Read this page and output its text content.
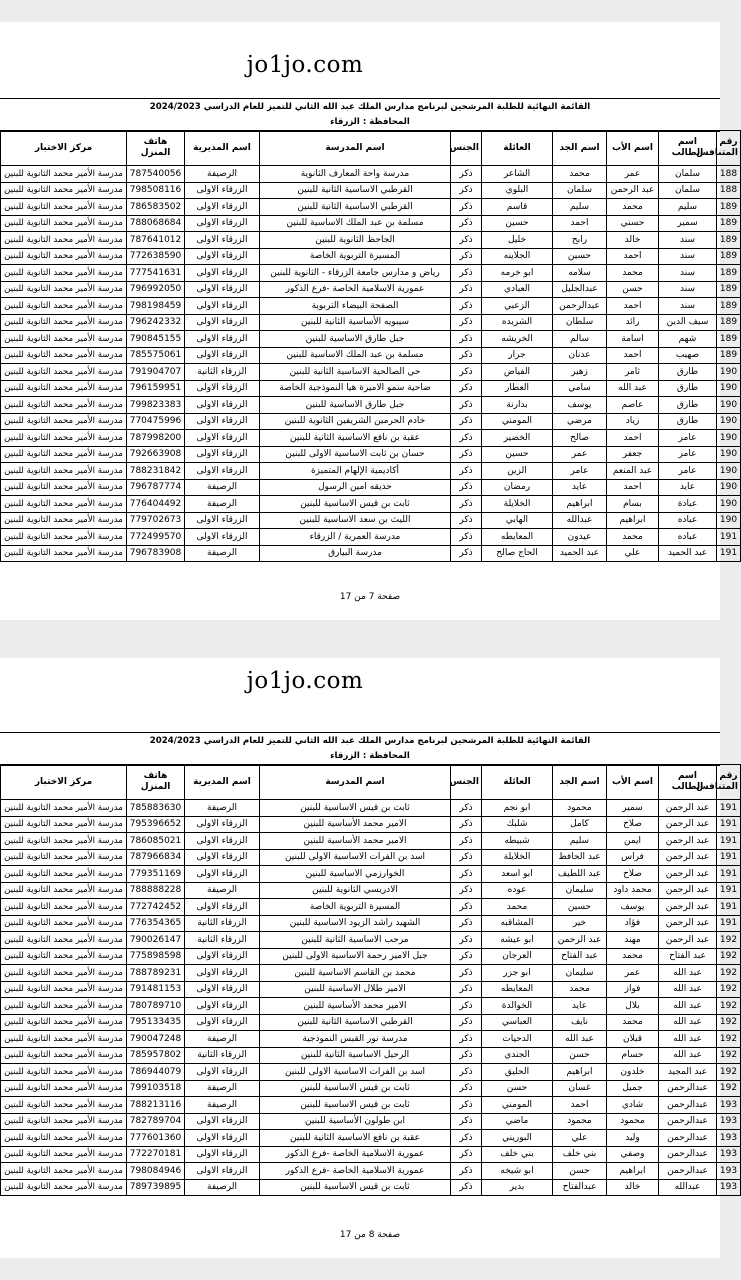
jo1jo.com
القائمة النهائية للطلبة المرشحين لبرنامج مدارس الملك عبد الله الثاني للتميز للعام الدراسي 2024/2023
المحافظة : الزرقاء
رقم المتنافس	اسم الطالب	اسم الأب	اسم الجد	العائلة	الجنس	اسم المدرسة	اسم المديرية	هاتف المنزل	مركز الاختبار
188	سلمان	عمر	محمد	الشاعر	ذكر	مدرسة واحة المعارف الثانوية	الرصيفة	787540056	مدرسة الأمير محمد الثانوية للبنين
188	سلمان	عبد الرحمن	سلمان	البلوي	ذكر	القرطبي الاساسية الثانية للبنين	الزرقاء الاولى	798508116	مدرسة الأمير محمد الثانوية للبنين
189	سليم	محمد	سليم	قاسم	ذكر	القرطبي الاساسية الثانية للبنين	الزرقاء الاولى	786583502	مدرسة الأمير محمد الثانوية للبنين
189	سمير	حسني	احمد	حسين	ذكر	مسلمة بن عبد الملك الاساسية للبنين	الزرقاء الاولى	788068684	مدرسة الأمير محمد الثانوية للبنين
189	سند	خالد	رابح	خليل	ذكر	الجاحظ الثانوية للبنين	الزرقاء الاولى	787641012	مدرسة الأمير محمد الثانوية للبنين
189	سند	احمد	حسين	الجلاينه	ذكر	المسيرة التربوية الخاصة	الزرقاء الاولى	772638590	مدرسة الأمير محمد الثانوية للبنين
189	سند	محمد	سلامه	ابو خرمه	ذكر	رياض و مدارس جامعة الزرقاء - الثانوية للبنين	الزرقاء الاولى	777541631	مدرسة الأمير محمد الثانوية للبنين
189	سند	حسن	عبدالجليل	العبادي	ذكر	عمورية الاسلامية الخاصة -فرع الذكور	الزرقاء الاولى	796992050	مدرسة الأمير محمد الثانوية للبنين
189	سند	احمد	عبدالرحمن	الزعبي	ذكر	الصفحة البيضاء التربوية	الزرقاء الاولى	798198459	مدرسة الأمير محمد الثانوية للبنين
189	سيف الدين	رائد	سلطان	الشريده	ذكر	سيبويه الأساسية الثانية للبنين	الزرقاء الاولى	796242332	مدرسة الأمير محمد الثانوية للبنين
189	شهم	اسامة	سالم	الخريشه	ذكر	جبل طارق الاساسية للبنين	الزرقاء الاولى	790845155	مدرسة الأمير محمد الثانوية للبنين
189	صهيب	احمد	عدنان	جرار	ذكر	مسلمة بن عبد الملك الاساسية للبنين	الزرقاء الاولى	785575061	مدرسة الأمير محمد الثانوية للبنين
190	طارق	ثامر	زهير	الفياض	ذكر	حي الصالحية الاساسية الثانية للبنين	الزرقاء الثانية	791904707	مدرسة الأمير محمد الثانوية للبنين
190	طارق	عبد الله	سامي	العطار	ذكر	ضاحية سمو الاميرة هيا النموذجية الخاصة	الزرقاء الاولى	796159951	مدرسة الأمير محمد الثانوية للبنين
190	طارق	عاصم	يوسف	بدارنة	ذكر	جبل طارق الاساسية للبنين	الزرقاء الاولى	799823383	مدرسة الأمير محمد الثانوية للبنين
190	طارق	زياد	مرضي	المومني	ذكر	خادم الحرمين الشريفين الثانوية للبنين	الزرقاء الاولى	770475996	مدرسة الأمير محمد الثانوية للبنين
190	عامر	احمد	صالح	الخضير	ذكر	عقبة بن نافع الاساسية الثانية للبنين	الزرقاء الاولى	787998200	مدرسة الأمير محمد الثانوية للبنين
190	عامر	جعفر	عمر	حسين	ذكر	حسان بن ثابت الاساسية الاولى للبنين	الزرقاء الاولى	792663908	مدرسة الأمير محمد الثانوية للبنين
190	عامر	عبد المنعم	عامر	الزين	ذكر	أكاديمية الإلهام المتميزة	الزرقاء الاولى	788231842	مدرسة الأمير محمد الثانوية للبنين
190	عايد	احمد	عايد	رمضان	ذكر	حديقه امين الرسول	الرصيفة	796787774	مدرسة الأمير محمد الثانوية للبنين
190	عبادة	بسام	ابراهيم	الخلايلة	ذكر	ثابت بن قيس الاساسية للبنين	الرصيفة	776404492	مدرسة الأمير محمد الثانوية للبنين
190	عباده	ابراهيم	عبدالله	الهابي	ذكر	الليث بن سعد الاساسية للبنين	الزرقاء الاولى	779702673	مدرسة الأمير محمد الثانوية للبنين
191	عباده	محمد	عيدون	المعايطه	ذكر	مدرسة العمرية / الزرقاء	الزرقاء الاولى	772499570	مدرسة الأمير محمد الثانوية للبنين
191	عبد الحميد	علي	عبد الحميد	الحاج صالح	ذكر	مدرسة البيارق	الرصيفة	796783908	مدرسة الأمير محمد الثانوية للبنين
صفحة 7 من 17
jo1jo.com
القائمة النهائية للطلبة المرشحين لبرنامج مدارس الملك عبد الله الثاني للتميز للعام الدراسي 2024/2023
المحافظة : الزرقاء
رقم المتنافس	اسم الطالب	اسم الأب	اسم الجد	العائلة	الجنس	اسم المدرسة	اسم المديرية	هاتف المنزل	مركز الاختبار
191	عبد الرحمن	سمير	محمود	ابو نجم	ذكر	ثابت بن قيس الاساسية للبنين	الرصيفة	785883630	مدرسة الأمير محمد الثانوية للبنين
191	عبد الرحمن	صلاح	كامل	شلبك	ذكر	الامير محمد الأساسية للبنين	الزرقاء الاولى	795396652	مدرسة الأمير محمد الثانوية للبنين
191	عبد الرحمن	ايمن	سليم	شبيطه	ذكر	الامير محمد الأساسية للبنين	الزرقاء الاولى	786085021	مدرسة الأمير محمد الثانوية للبنين
191	عبد الرحمن	فراس	عبد الحافظ	الخلايلة	ذكر	اسد بن الفرات الاساسية الاولى للبنين	الزرقاء الاولى	787966834	مدرسة الأمير محمد الثانوية للبنين
191	عبد الرحمن	صلاح	عبد اللطيف	ابو اسعد	ذكر	الخوارزمي الاساسية للبنين	الزرقاء الاولى	779351169	مدرسة الأمير محمد الثانوية للبنين
191	عبد الرحمن	محمد داود	سليمان	عوده	ذكر	الادريسي الثانوية للبنين	الرصيفة	788888228	مدرسة الأمير محمد الثانوية للبنين
191	عبد الرحمن	يوسف	حسين	محمد	ذكر	المسيرة التربوية الخاصة	الزرقاء الاولى	772742452	مدرسة الأمير محمد الثانوية للبنين
191	عبد الرحمن	فؤاد	خير	المشاقبه	ذكر	الشهيد راشد الزيود الاساسية للبنين	الزرقاء الثانية	776354365	مدرسة الأمير محمد الثانوية للبنين
192	عبد الرحمن	مهند	عبد الرحمن	ابو عيشه	ذكر	مرحب الاساسية الثانية للبنين	الزرقاء الثانية	790026147	مدرسة الأمير محمد الثانوية للبنين
192	عبد الفتاح	محمد	عبد الفتاح	العرجان	ذكر	جبل الامير رحمة الاساسية الاولى للبنين	الزرقاء الاولى	775898598	مدرسة الأمير محمد الثانوية للبنين
192	عبد الله	عمر	سليمان	ابو جزر	ذكر	محمد بن القاسم الاساسية للبنين	الزرقاء الاولى	788789231	مدرسة الأمير محمد الثانوية للبنين
192	عبد الله	فواز	محمد	المعايطه	ذكر	الامير طلال الاساسية للبنين	الزرقاء الاولى	791481153	مدرسة الأمير محمد الثانوية للبنين
192	عبد الله	بلال	عايد	الخوالدة	ذكر	الامير محمد الأساسية للبنين	الزرقاء الاولى	780789710	مدرسة الأمير محمد الثانوية للبنين
192	عبد الله	محمد	نايف	العباسي	ذكر	القرطبي الاساسية الثانية للبنين	الزرقاء الاولى	795133435	مدرسة الأمير محمد الثانوية للبنين
192	عبد الله	قبلان	عبد الله	الدحيات	ذكر	مدرسة نور القبس النموذجية	الرصيفة	790047248	مدرسة الأمير محمد الثانوية للبنين
192	عبد الله	حسام	حسن	الجندي	ذكر	الرحيل الاساسية الثانية للبنين	الزرقاء الثانية	785957802	مدرسة الأمير محمد الثانوية للبنين
192	عبد المجيد	خلدون	ابراهيم	الحليق	ذكر	اسد بن الفرات الاساسية الاولى للبنين	الزرقاء الاولى	786944079	مدرسة الأمير محمد الثانوية للبنين
192	عبدالرحمن	جميل	غسان	حسن	ذكر	ثابت بن قيس الاساسية للبنين	الرصيفة	799103518	مدرسة الأمير محمد الثانوية للبنين
193	عبدالرحمن	شادي	احمد	المومني	ذكر	ثابت بن قيس الاساسية للبنين	الرصيفة	788213116	مدرسة الأمير محمد الثانوية للبنين
193	عبدالرحمن	محمود	محمود	ماضي	ذكر	ابن طولون الأساسية للبنين	الزرقاء الاولى	782789704	مدرسة الأمير محمد الثانوية للبنين
193	عبدالرحمن	وليد	علي	البوريني	ذكر	عقبة بن نافع الاساسية الثانية للبنين	الزرقاء الاولى	777601360	مدرسة الأمير محمد الثانوية للبنين
193	عبدالرحمن	وصفي	بني خلف	بني خلف	ذكر	عمورية الاسلامية الخاصة -فرع الذكور	الزرقاء الاولى	772270181	مدرسة الأمير محمد الثانوية للبنين
193	عبدالرحمن	ابراهيم	حسن	ابو شيخه	ذكر	عمورية الاسلامية الخاصة -فرع الذكور	الزرقاء الاولى	798084946	مدرسة الأمير محمد الثانوية للبنين
193	عبدالله	خالد	عبدالفتاح	بدير	ذكر	ثابت بن قيس الاساسية للبنين	الرصيفة	789739895	مدرسة الأمير محمد الثانوية للبنين
صفحة 8 من 17
